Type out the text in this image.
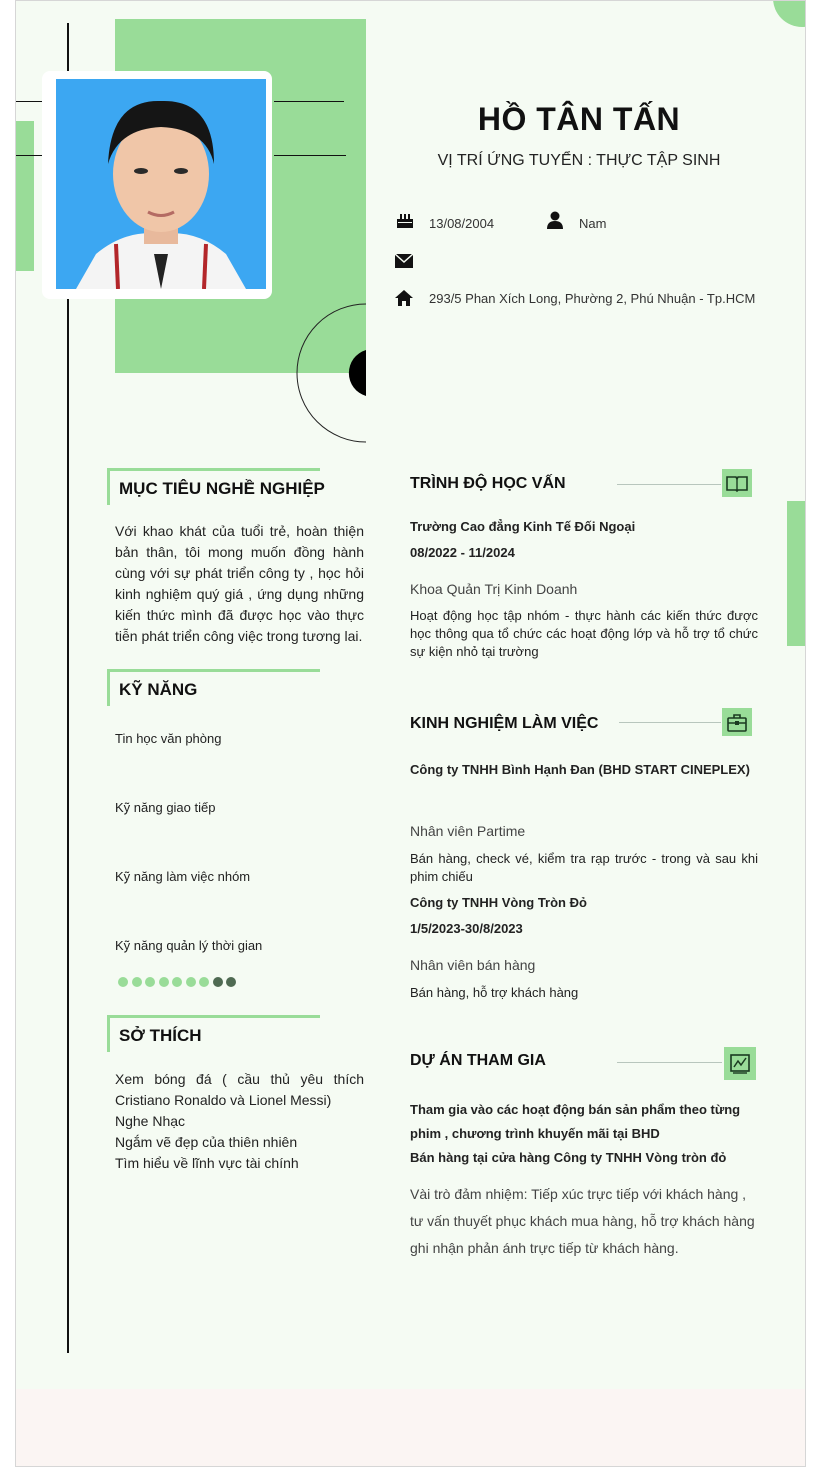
HỒ TÂN TẤN
VỊ TRÍ ỨNG TUYỂN : THỰC TẬP SINH
13/08/2004	Nam
293/5 Phan Xích Long, Phường 2, Phú Nhuận - Tp.HCM
MỤC TIÊU NGHỀ NGHIỆP
Với khao khát của tuổi trẻ, hoàn thiện bản thân, tôi mong muốn đồng hành cùng với sự phát triển công ty , học hỏi kinh nghiệm quý giá , ứng dụng những kiến thức mình đã được học vào thực tiễn phát triển công việc trong tương lai.
KỸ NĂNG
Tin học văn phòng
Kỹ năng giao tiếp
Kỹ năng làm việc nhóm
Kỹ năng quản lý thời gian
SỞ THÍCH
Xem bóng đá ( cầu thủ yêu thích Cristiano Ronaldo và Lionel Messi)
Nghe Nhạc
Ngắm vẽ đẹp của thiên nhiên
Tìm hiểu về lĩnh vực tài chính
TRÌNH ĐỘ HỌC VẤN
Trường Cao đẳng Kinh Tế Đối Ngoại
08/2022 - 11/2024
Khoa Quản Trị Kinh Doanh
Hoạt động học tập nhóm - thực hành các kiến thức được học thông qua tổ chức các hoạt động lớp và hỗ trợ tổ chức sự kiện nhỏ tại trường
KINH NGHIỆM LÀM VIỆC
Công ty TNHH Bình Hạnh Đan (BHD START CINEPLEX)
Nhân viên Partime
Bán hàng, check vé, kiểm tra rạp trước - trong và sau khi phim chiếu
Công ty TNHH Vòng Tròn Đỏ
1/5/2023-30/8/2023
Nhân viên bán hàng
Bán hàng, hỗ trợ khách hàng
DỰ ÁN THAM GIA
Tham gia vào các hoạt động bán sản phẩm theo từng phim , chương trình khuyến mãi tại BHD
Bán hàng tại cửa hàng Công ty TNHH Vòng tròn đỏ
Vài trò đảm nhiệm: Tiếp xúc trực tiếp với khách hàng , tư vấn thuyết phục khách mua hàng, hỗ trợ khách hàng ghi nhận phản ánh trực tiếp từ khách hàng.
